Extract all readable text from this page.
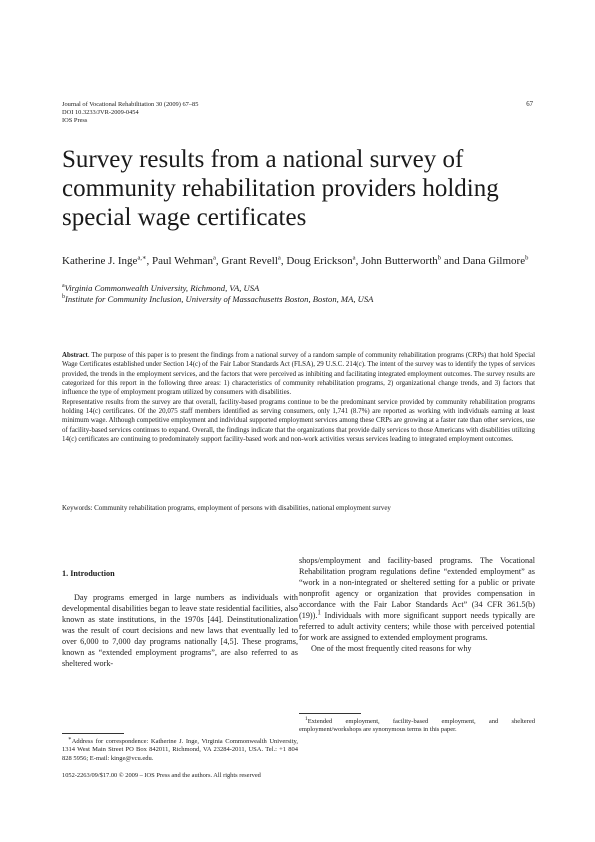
Journal of Vocational Rehabilitation 30 (2009) 67–85
DOI 10.3233/JVR-2009-0454
IOS Press
67
Survey results from a national survey of community rehabilitation providers holding special wage certificates
Katherine J. Inge$^{a,∗}$, Paul Wehman$^a$, Grant Revell$^a$, Doug Erickson$^a$, John Butterworth$^b$ and Dana Gilmore$^b$
$^a$Virginia Commonwealth University, Richmond, VA, USA
$^b$Institute for Community Inclusion, University of Massachusetts Boston, Boston, MA, USA

Abstract. The purpose of this paper is to present the findings from a national survey of a random sample of community rehabilitation programs (CRPs) that hold Special Wage Certificates established under Section 14(c) of the Fair Labor Standards Act (FLSA), 29 U.S.C. 214(c). The intent of the survey was to identify the types of services provided, the trends in the employment services, and the factors that were perceived as inhibiting and facilitating integrated employment outcomes. The survey results are categorized for this report in the following three areas: 1) characteristics of community rehabilitation programs, 2) organizational change trends, and 3) factors that influence the type of employment program utilized by consumers with disabilities.

Representative results from the survey are that overall, facility-based programs continue to be the predominant service provided by community rehabilitation programs holding 14(c) certificates. Of the 20,075 staff members identified as serving consumers, only 1,741 (8.7%) are reported as working with individuals earning at least minimum wage. Although competitive employment and individual supported employment services among these CRPs are growing at a faster rate than other services, use of facility-based services continues to expand. Overall, the findings indicate that the organizations that provide daily services to those Americans with disabilities utilizing 14(c) certificates are continuing to predominately support facility-based work and non-work activities versus services leading to integrated employment outcomes.

Keywords: Community rehabilitation programs, employment of persons with disabilities, national employment survey
1. Introduction

Day programs emerged in large numbers as individuals with developmental disabilities began to leave state residential facilities, also known as state institutions, in the 1970s [44]. Deinstitutionalization was the result of court decisions and new laws that eventually led to over 6,000 to 7,000 day programs nationally [4,5]. These programs, known as “extended employment programs”, are also referred to as sheltered work-

shops/employment and facility-based programs. The Vocational Rehabilitation program regulations define “extended employment” as “work in a non-integrated or sheltered setting for a public or private nonprofit agency or organization that provides compensation in accordance with the Fair Labor Standards Act” (34 CFR 361.5(b)(19)).$^1$ Individuals with more significant support needs typically are referred to adult activity centers; while those with perceived potential for work are assigned to extended employment programs.

One of the most frequently cited reasons for why

∗Address for correspondence: Katherine J. Inge, Virginia Commonwealth University, 1314 West Main Street PO Box 842011, Richmond, VA 23284-2011, USA. Tel.: +1 804 828 5956; E-mail: kinge@vcu.edu.

$^1$Extended employment, facility-based employment, and sheltered employment/workshops are synonymous terms in this paper.

1052-2263/09/$17.00 © 2009 – IOS Press and the authors. All rights reserved
